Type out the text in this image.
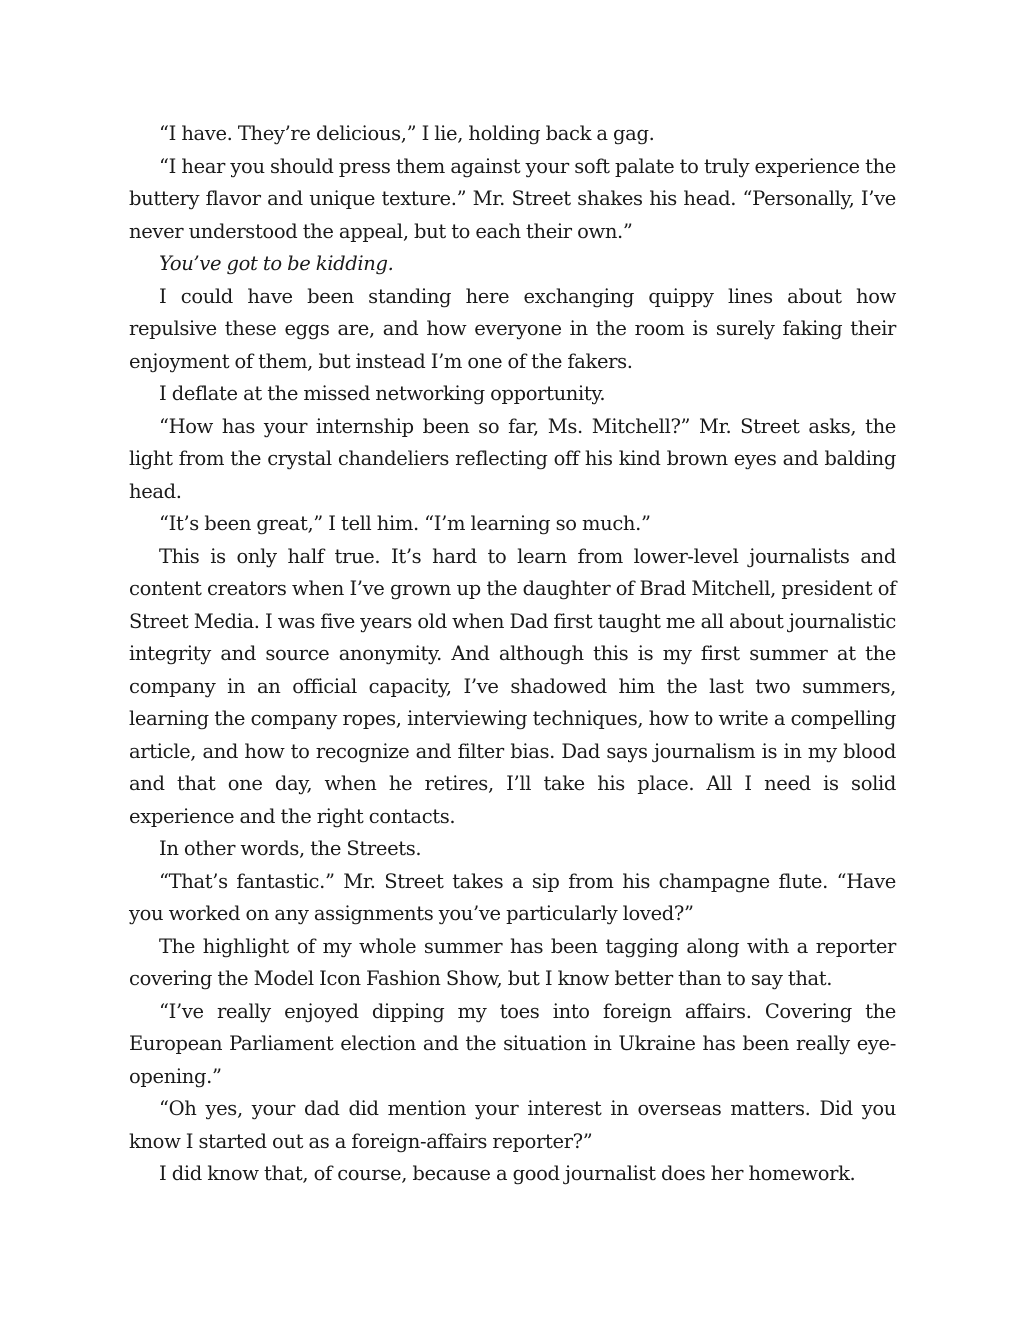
“I have. They’re delicious,” I lie, holding back a gag.

“I hear you should press them against your soft palate to truly experience the buttery flavor and unique texture.” Mr. Street shakes his head. “Personally, I’ve never understood the appeal, but to each their own.”

You’ve got to be kidding.

I could have been standing here exchanging quippy lines about how repulsive these eggs are, and how everyone in the room is surely faking their enjoyment of them, but instead I’m one of the fakers.

I deflate at the missed networking opportunity.

“How has your internship been so far, Ms. Mitchell?” Mr. Street asks, the light from the crystal chandeliers reflecting off his kind brown eyes and balding head.

“It’s been great,” I tell him. “I’m learning so much.”

This is only half true. It’s hard to learn from lower-level journalists and content creators when I’ve grown up the daughter of Brad Mitchell, president of Street Media. I was five years old when Dad first taught me all about journalistic integrity and source anonymity. And although this is my first summer at the company in an official capacity, I’ve shadowed him the last two summers, learning the company ropes, interviewing techniques, how to write a compelling article, and how to recognize and filter bias. Dad says journalism is in my blood and that one day, when he retires, I’ll take his place. All I need is solid experience and the right contacts.

In other words, the Streets.

“That’s fantastic.” Mr. Street takes a sip from his champagne flute. “Have you worked on any assignments you’ve particularly loved?”

The highlight of my whole summer has been tagging along with a reporter covering the Model Icon Fashion Show, but I know better than to say that.

“I’ve really enjoyed dipping my toes into foreign affairs. Covering the European Parliament election and the situation in Ukraine has been really eye-opening.”

“Oh yes, your dad did mention your interest in overseas matters. Did you know I started out as a foreign-affairs reporter?”

I did know that, of course, because a good journalist does her homework.
